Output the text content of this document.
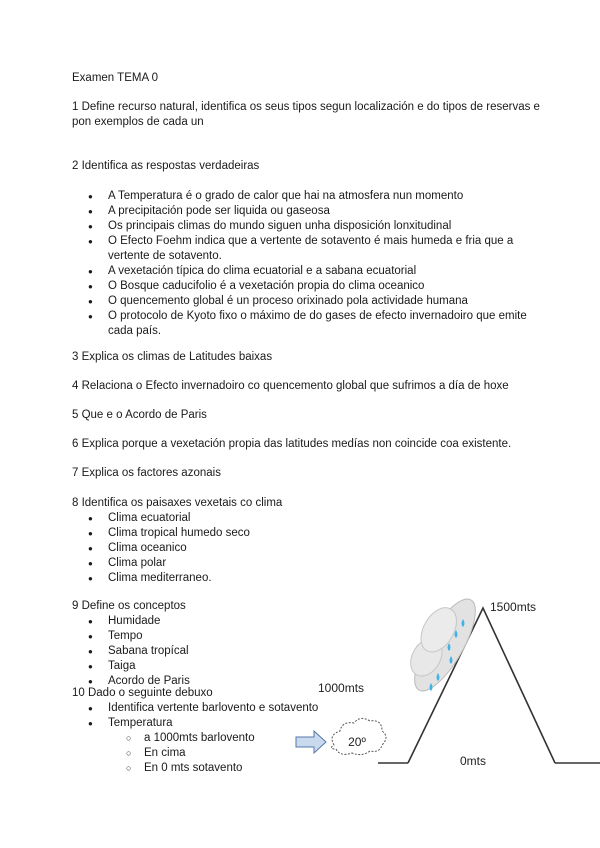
Examen TEMA 0
1 Define recurso natural, identifica os seus tipos segun localización e do tipos de reservas e pon exemplos de cada un
2 Identifica as respostas verdadeiras
● A Temperatura é o grado de calor que hai na atmosfera nun momento
● A precipitación pode ser liquida ou gaseosa
● Os principais climas do mundo siguen unha disposición lonxitudinal
● O Efecto Foehm indica que a vertente de sotavento é mais humeda e fria que a vertente de sotavento.
● A vexetación típica do clima ecuatorial e a sabana ecuatorial
● O Bosque caducifolio é a vexetación propia do clima oceanico
● O quencemento global é un proceso orixinado pola actividade humana
● O protocolo de Kyoto fixo o máximo de do gases de efecto invernadoiro que emite cada país.
3 Explica os climas de Latitudes baixas
4 Relaciona o Efecto invernadoiro co quencemento global que sufrimos a día de hoxe
5 Que e o Acordo de Paris
6 Explica porque a vexetación propia das latitudes medías non coincide coa existente.
7 Explica os factores azonais
8 Identifica os paisaxes vexetais co clima
● Clima ecuatorial
● Clima tropical humedo seco
● Clima oceanico
● Clima polar
● Clima mediterraneo.
9 Define os conceptos
● Humidade
● Tempo
● Sabana tropícal
● Taiga
● Acordo de Paris
10 Dado o seguinte debuxo
● Identifica vertente barlovento e sotavento
● Temperatura
○ a 1000mts barlovento
○ En cima
○ En 0 mts sotavento
20º
1500mts
1000mts
0mts
